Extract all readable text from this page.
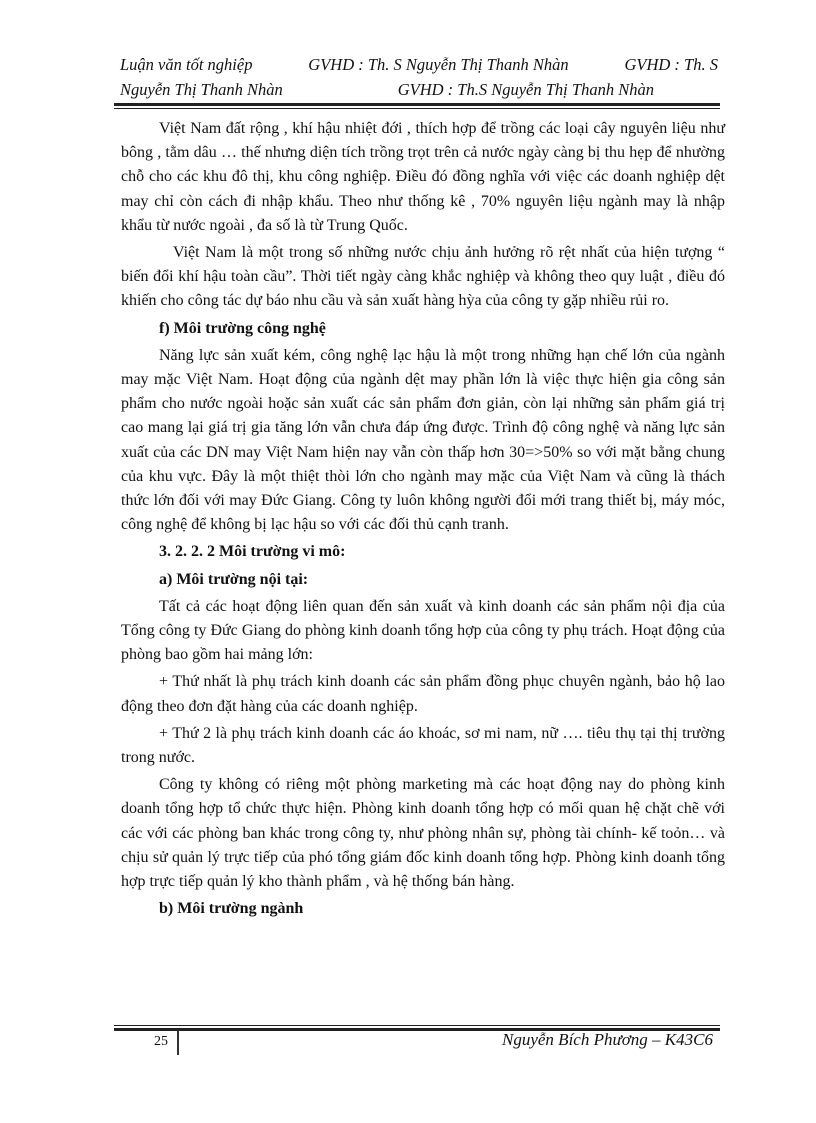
Luận văn tốt nghiệp	GVHD : Th. S Nguyễn Thị Thanh Nhàn	GVHD : Th. S
Nguyễn Thị Thanh Nhàn	GVHD : Th.S Nguyễn Thị Thanh Nhàn

Việt Nam đất rộng , khí hậu nhiệt đới , thích hợp để trồng các loại cây nguyên liệu như bông , tằm dâu … thế nhưng diện tích trồng trọt trên cả nước ngày càng bị thu hẹp để nhường chỗ cho các khu đô thị, khu công nghiệp. Điều đó đồng nghĩa với việc các doanh nghiệp dệt may chỉ còn cách đi nhập khẩu. Theo như thống kê , 70% nguyên liệu ngành may là nhập khẩu từ nước ngoài , đa số là từ Trung Quốc.

Việt Nam là một trong số những nước chịu ảnh hưởng rõ rệt nhất của hiện tượng “ biến đổi khí hậu toàn cầu”. Thời tiết ngày càng khắc nghiệp và không theo quy luật , điều đó khiến cho công tác dự báo nhu cầu và sản xuất hàng hỳa của công ty gặp nhiều rủi ro.

f) Môi trường công nghệ

Năng lực sản xuất kém, công nghệ lạc hậu là một trong những hạn chế lớn của ngành may mặc Việt Nam. Hoạt động của ngành dệt may phần lớn là việc thực hiện gia công sản phẩm cho nước ngoài hoặc sản xuất các sản phẩm đơn giản, còn lại những sản phẩm giá trị cao mang lại giá trị gia tăng lớn vẫn chưa đáp ứng được. Trình độ công nghệ và năng lực sản xuất của các DN may Việt Nam hiện nay vẫn còn thấp hơn 30=>50% so với mặt bằng chung của khu vực. Đây là một thiệt thòi lớn cho ngành may mặc của Việt Nam và cũng là thách thức lớn đối với may Đức Giang. Công ty luôn không người đổi mới trang thiết bị, máy móc, công nghệ để không bị lạc hậu so với các đối thủ cạnh tranh.

3. 2. 2. 2 Môi trường vi mô:

a) Môi trường nội tại:

Tất cả các hoạt động liên quan đến sản xuất và kinh doanh các sản phẩm nội địa của Tổng công ty Đức Giang do phòng kinh doanh tổng hợp của công ty phụ trách. Hoạt động của phòng bao gồm hai mảng lớn:

+ Thứ nhất là phụ trách kinh doanh các sản phẩm đồng phục chuyên ngành, bảo hộ lao động theo đơn đặt hàng của các doanh nghiệp.

+ Thứ 2 là phụ trách kinh doanh các áo khoác, sơ mi nam, nữ …. tiêu thụ tại thị trường trong nước.

Công ty không có riêng một phòng marketing mà các hoạt động nay do phòng kinh doanh tổng hợp tổ chức thực hiện. Phòng kinh doanh tổng hợp có mối quan hệ chặt chẽ với các với các phòng ban khác trong công ty, như phòng nhân sự, phòng tài chính- kế toỏn… và chịu sử quản lý trực tiếp của phó tổng giám đốc kinh doanh tổng hợp. Phòng kinh doanh tổng hợp trực tiếp quản lý kho thành phẩm , và hệ thống bán hàng.

b) Môi trường ngành

25	Nguyễn Bích Phương – K43C6
